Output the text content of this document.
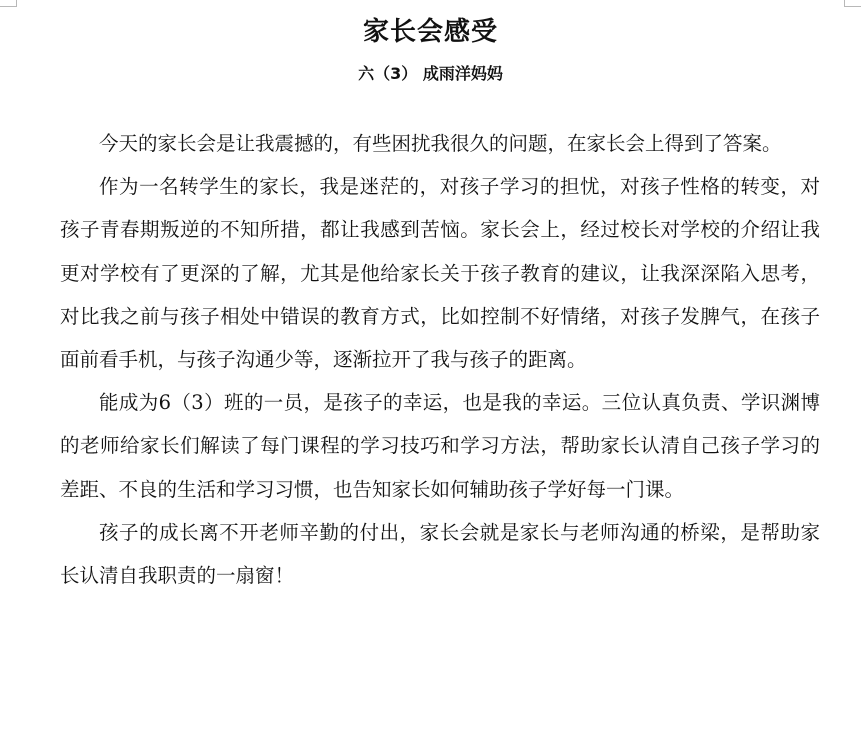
家长会感受
六（3） 成雨洋妈妈

今天的家长会是让我震撼的，有些困扰我很久的问题，在家长会上得到了答案。

作为一名转学生的家长，我是迷茫的，对孩子学习的担忧，对孩子性格的转变，对孩子青春期叛逆的不知所措，都让我感到苦恼。家长会上，经过校长对学校的介绍让我更对学校有了更深的了解，尤其是他给家长关于孩子教育的建议，让我深深陷入思考，对比我之前与孩子相处中错误的教育方式，比如控制不好情绪，对孩子发脾气，在孩子面前看手机，与孩子沟通少等，逐渐拉开了我与孩子的距离。

能成为6（3）班的一员，是孩子的幸运，也是我的幸运。三位认真负责、学识渊博的老师给家长们解读了每门课程的学习技巧和学习方法，帮助家长认清自己孩子学习的差距、不良的生活和学习习惯，也告知家长如何辅助孩子学好每一门课。

孩子的成长离不开老师辛勤的付出，家长会就是家长与老师沟通的桥梁，是帮助家长认清自我职责的一扇窗！
